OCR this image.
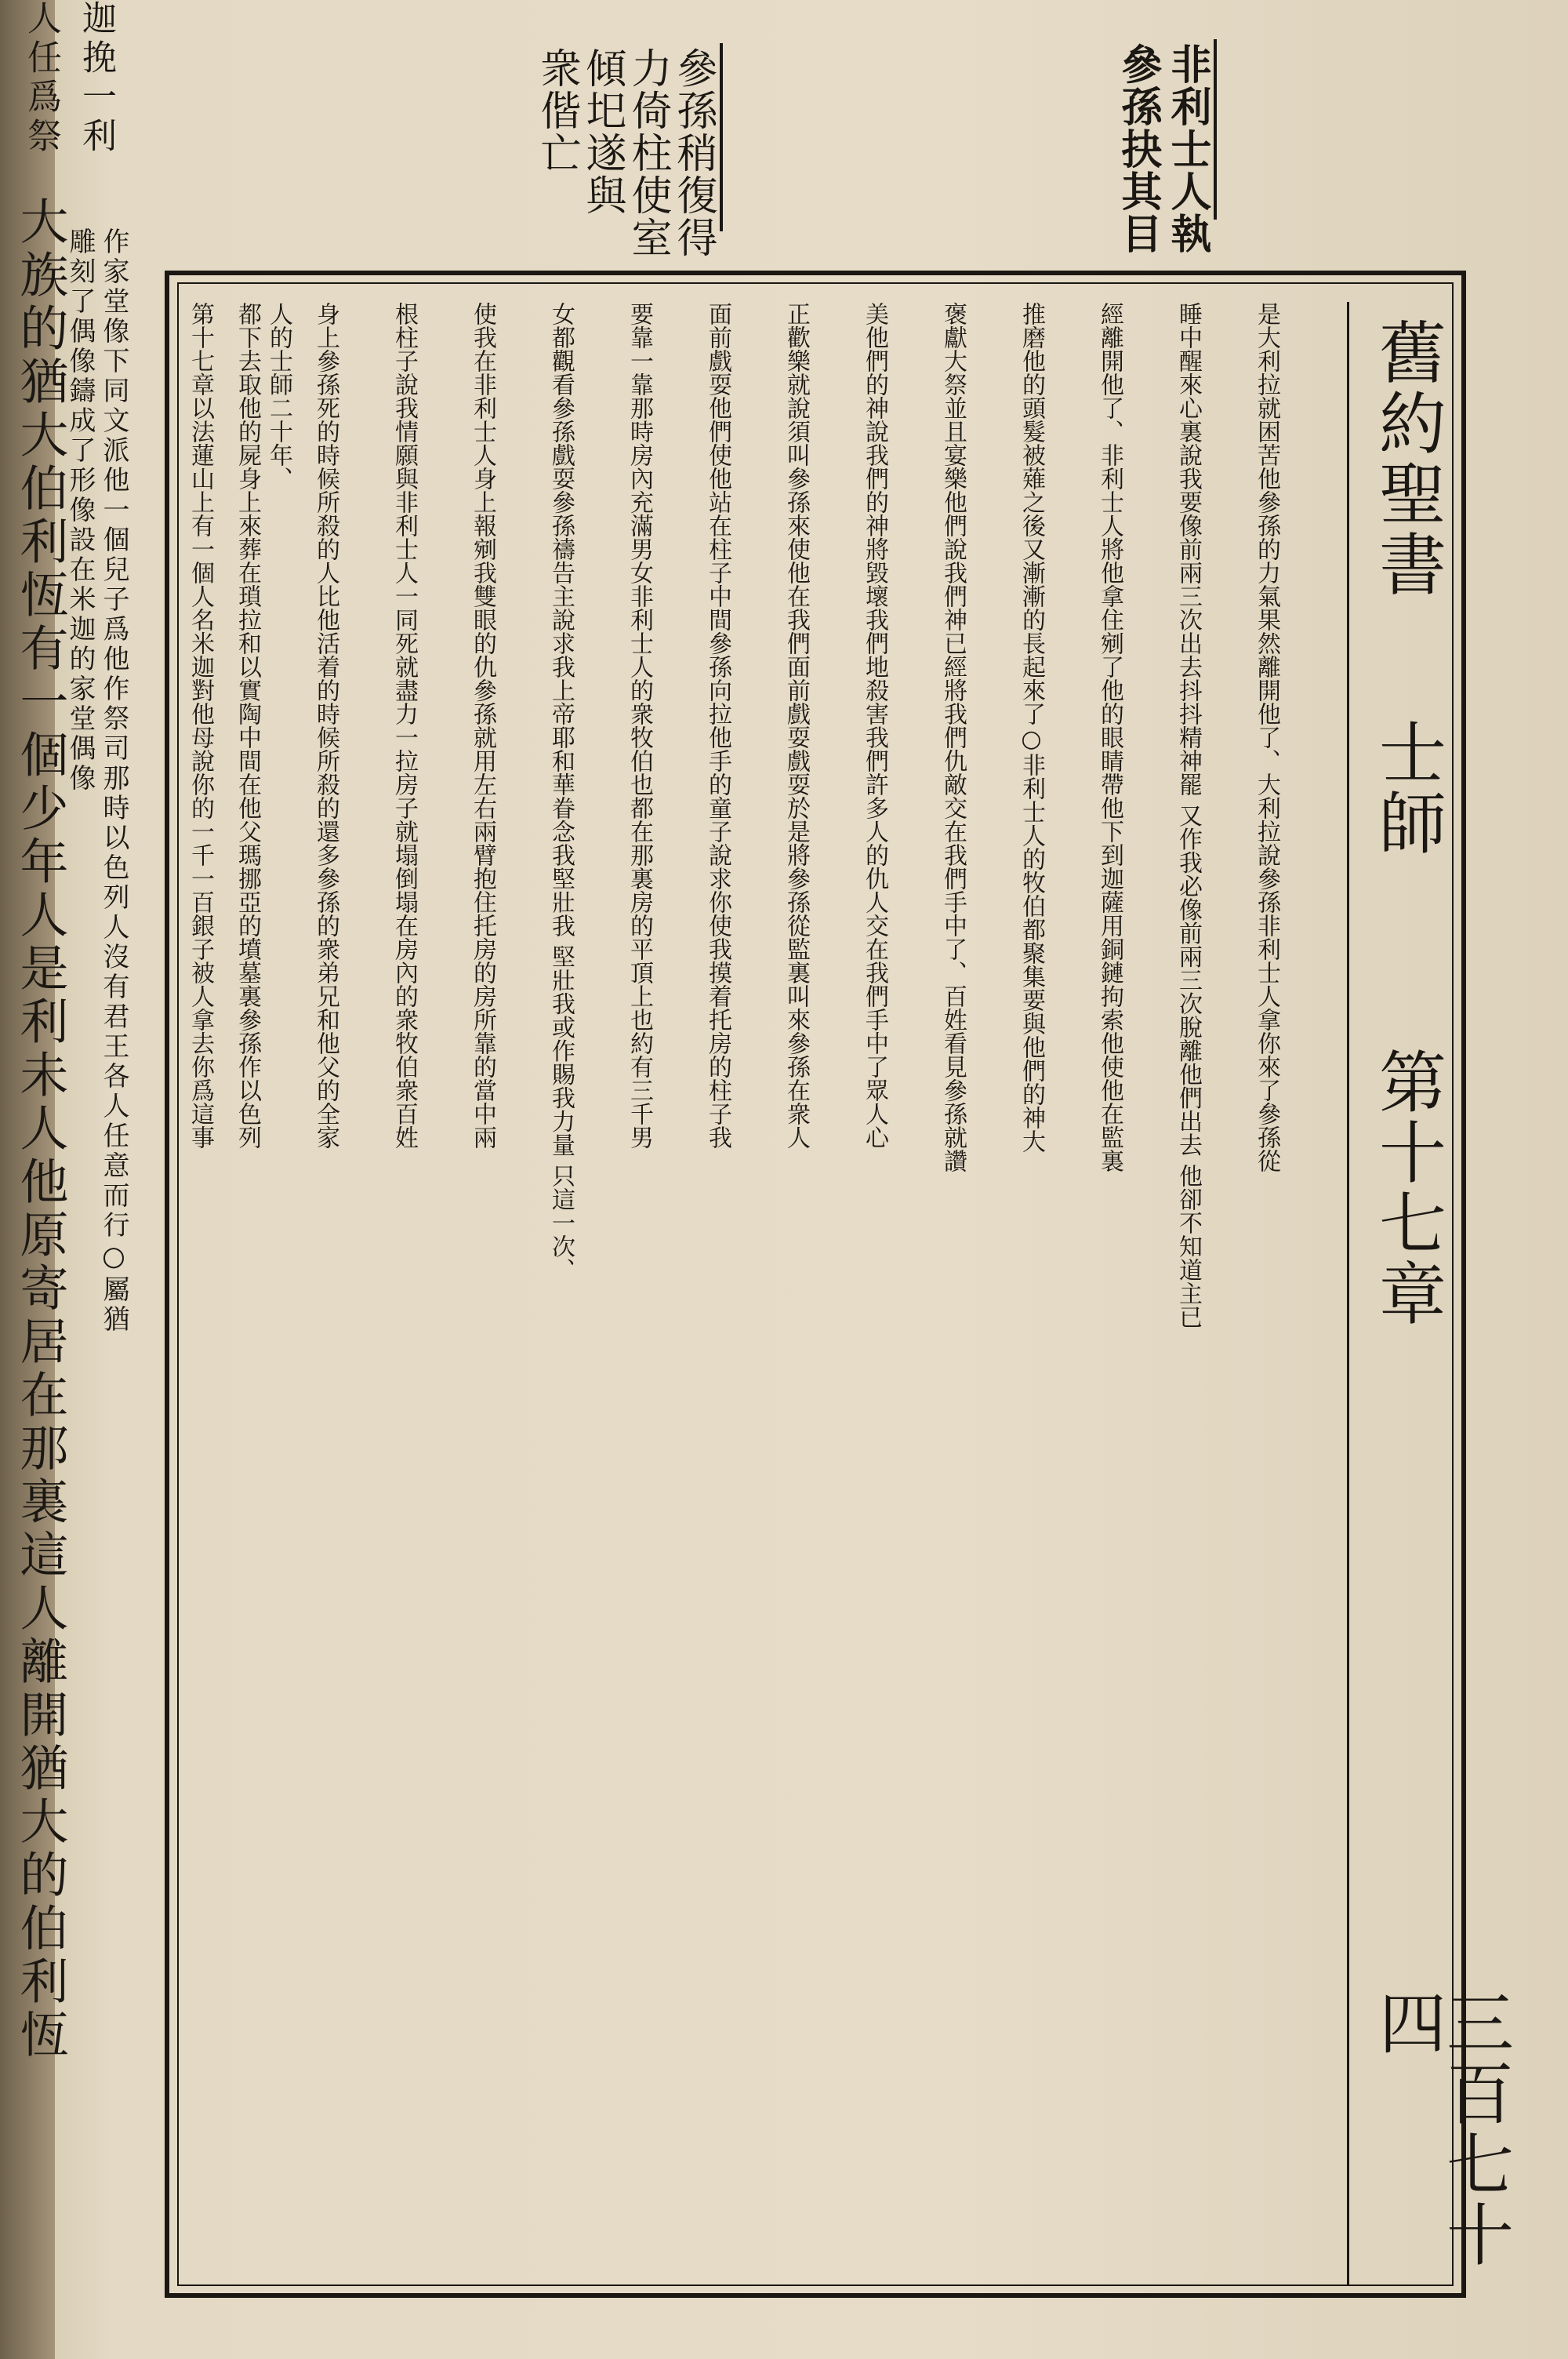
大族的猶大伯利恆有一個少年人是利未人他原寄居在那裏這人離開猶大的伯利恆
雕刻了偶像鑄成了形像設在米迦的家堂偶像 作家堂像下同文派他一個兒子爲他作祭司那時以色列人沒有君王各人任意而行○屬猶
迦挽一利
人任爲祭	非利士人執
參孫抉其目
參孫稍復得
力倚柱使室
傾圯遂與
衆偕亡
舊約聖書
士師
第十七章
三百七十四
是大利拉就困苦他參孫的力氣果然離開他了、大利拉說參孫非利士人拿你來了參孫從
睡中醒來心裏說我要像前兩三次出去抖抖精神罷 又作我必像前兩三次脫離他們出去 他卻不知道主已
經離開他了、非利士人將他拿住剜了他的眼睛帶他下到迦薩用銅鏈拘索他使他在監裏
推磨他的頭髮被薙之後又漸漸的長起來了○非利士人的牧伯都聚集要與他們的神大
褒獻大祭並且宴樂他們說我們神已經將我們仇敵交在我們手中了、百姓看見參孫就讚
美他們的神說我們的神將毀壞我們地殺害我們許多人的仇人交在我們手中了眾人心
正歡樂就說須叫參孫來使他在我們面前戲耍戲耍於是將參孫從監裏叫來參孫在衆人
面前戲耍他們使他站在柱子中間參孫向拉他手的童子說求你使我摸着托房的柱子我
要靠一靠那時房內充滿男女非利士人的衆牧伯也都在那裏房的平頂上也約有三千男
女都觀看參孫戲耍參孫禱告主說求我上帝耶和華眷念我堅壯我 堅壯我或作賜我力量 只這一次、
使我在非利士人身上報剜我雙眼的仇參孫就用左右兩臂抱住托房的房所靠的當中兩
根柱子說我情願與非利士人一同死就盡力一拉房子就塌倒塌在房內的衆牧伯衆百姓
身上參孫死的時候所殺的人比他活着的時候所殺的還多參孫的衆弟兄和他父的全家
都下去取他的屍身上來葬在瑣拉和以實陶中間在他父瑪挪亞的墳墓裏參孫作以色列 人的士師二十年、
第十七章以法蓮山上有一個人名米迦對他母說你的一千一百銀子被人拿去你爲這事
